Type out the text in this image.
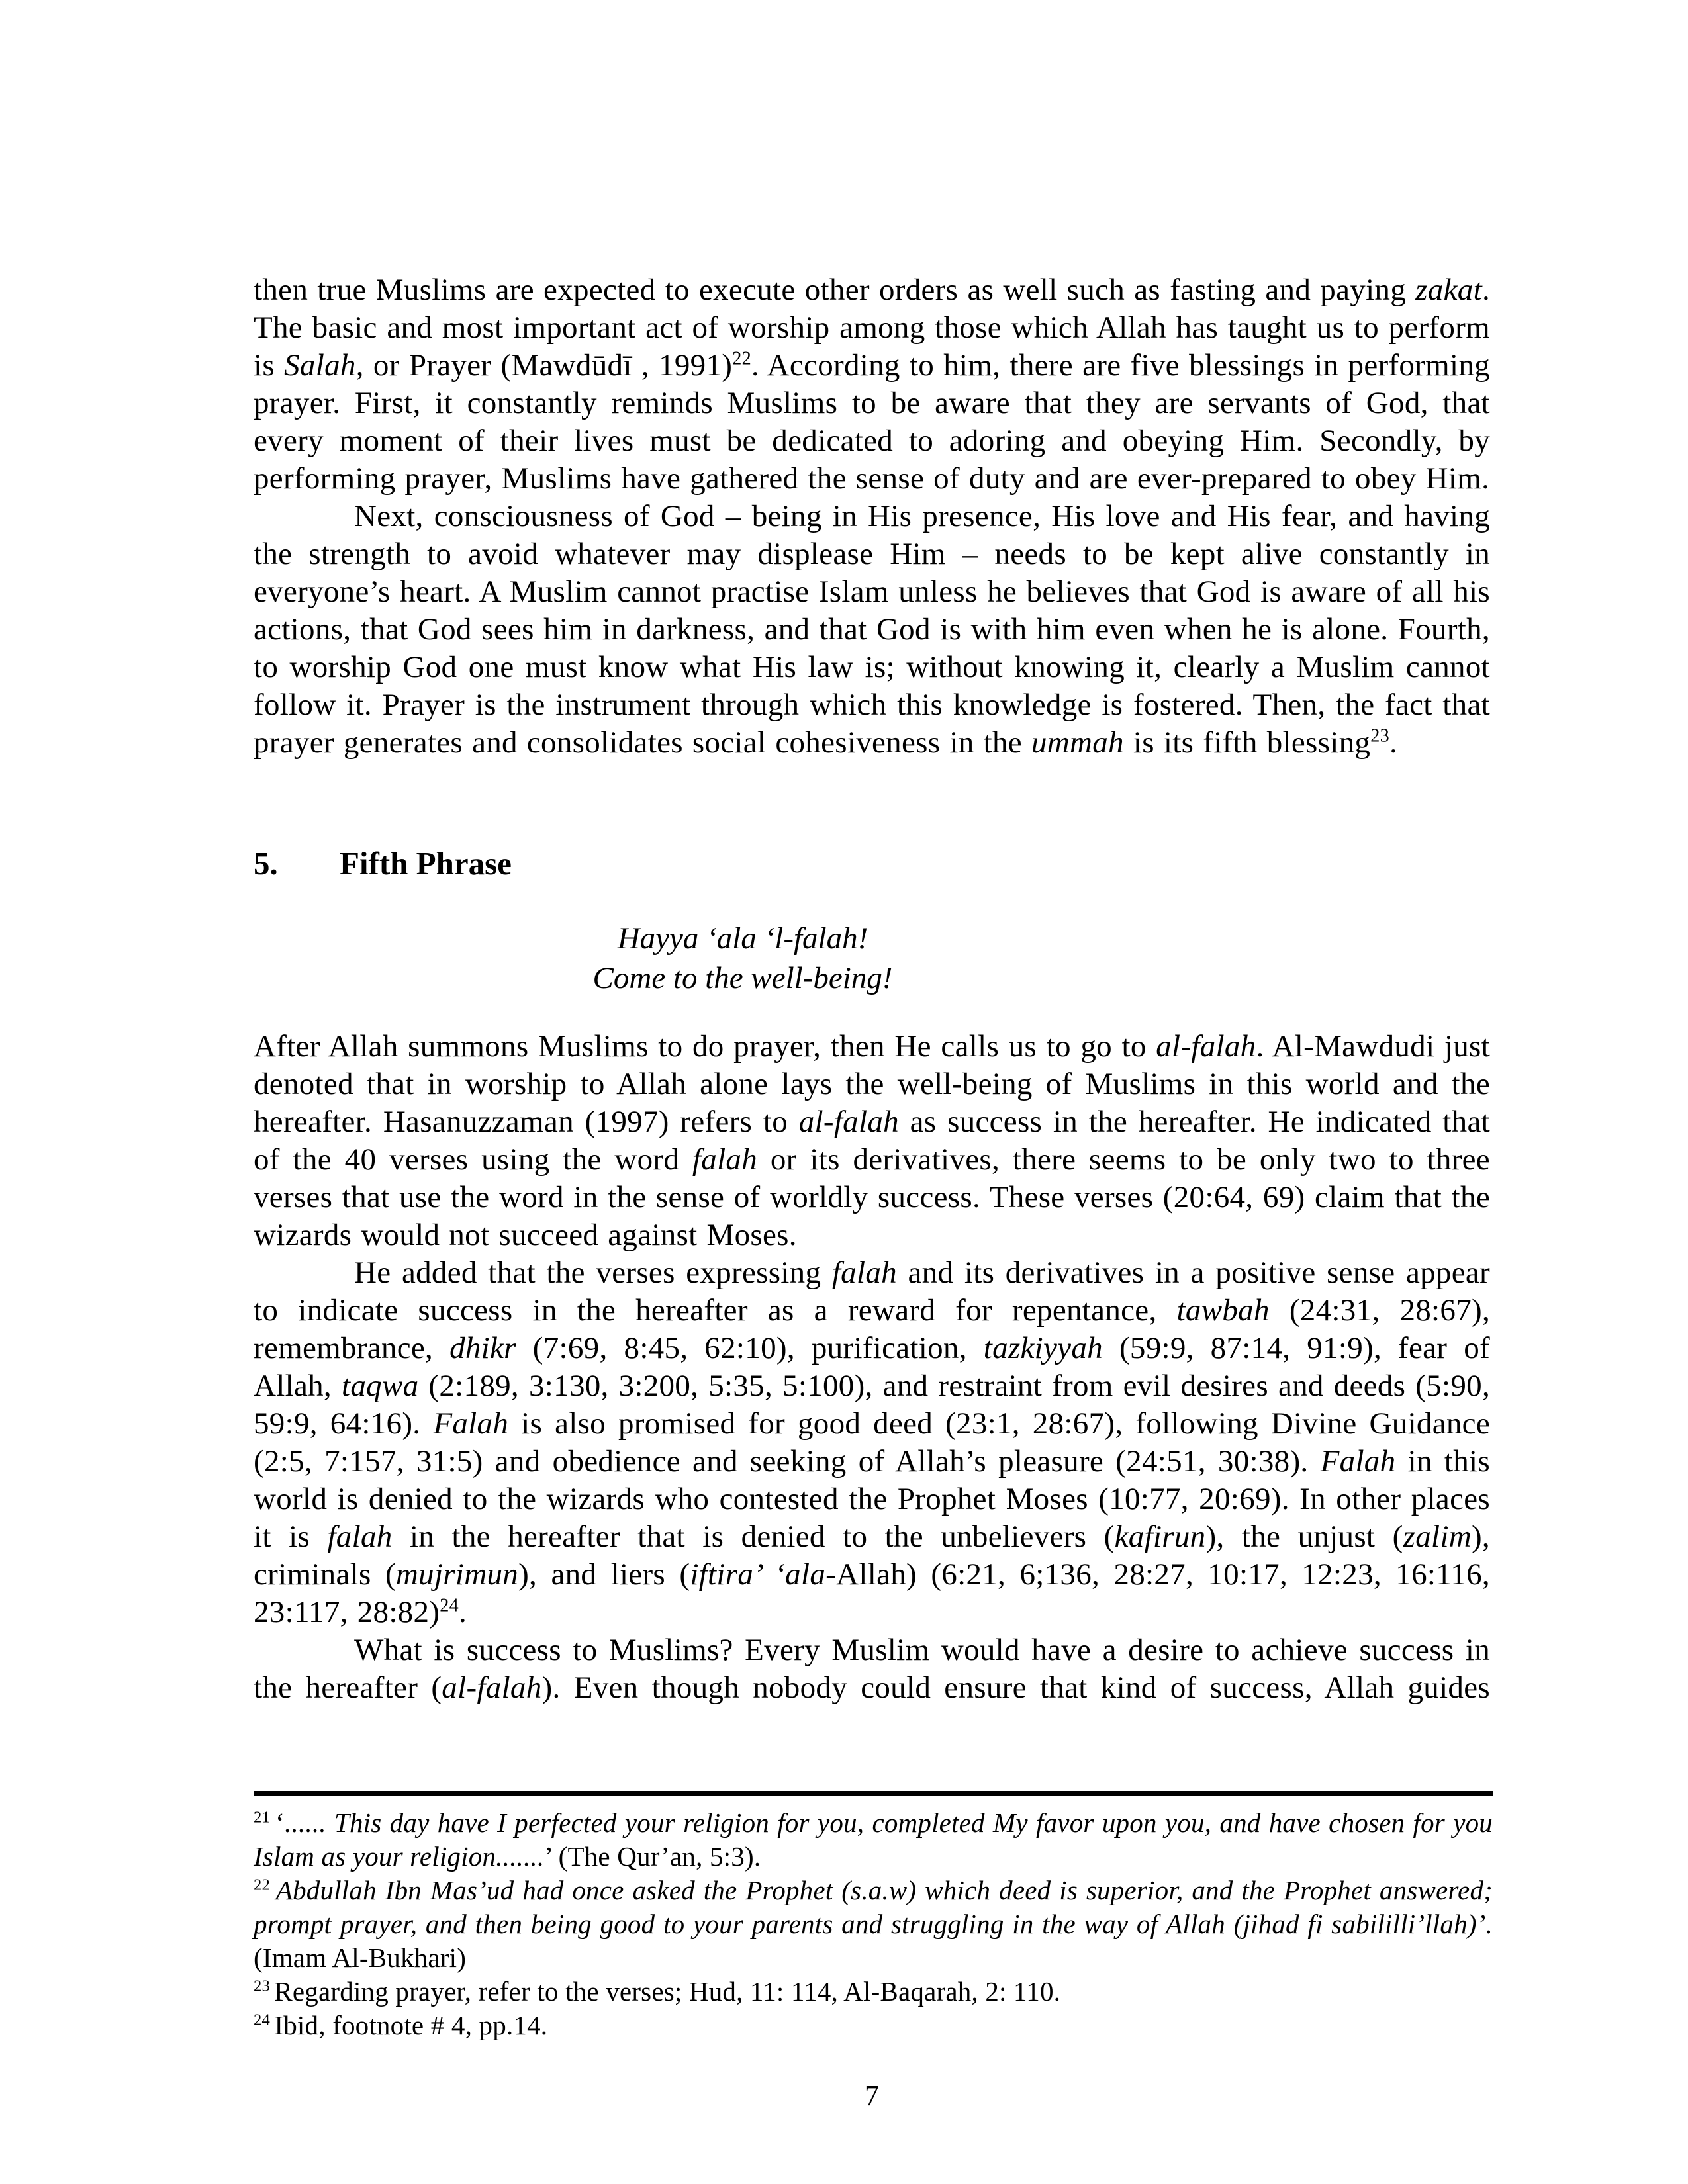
then true Muslims are expected to execute other orders as well such as fasting and paying zakat. The basic and most important act of worship among those which Allah has taught us to perform is Salah, or Prayer (Mawdūdī , 1991)$^{22}$. According to him, there are five blessings in performing prayer. First, it constantly reminds Muslims to be aware that they are servants of God, that every moment of their lives must be dedicated to adoring and obeying Him. Secondly, by performing prayer, Muslims have gathered the sense of duty and are ever-prepared to obey Him.

Next, consciousness of God – being in His presence, His love and His fear, and having the strength to avoid whatever may displease Him – needs to be kept alive constantly in everyone’s heart. A Muslim cannot practise Islam unless he believes that God is aware of all his actions, that God sees him in darkness, and that God is with him even when he is alone. Fourth, to worship God one must know what His law is; without knowing it, clearly a Muslim cannot follow it. Prayer is the instrument through which this knowledge is fostered. Then, the fact that prayer generates and consolidates social cohesiveness in the ummah is its fifth blessing$^{23}$.

5. Fifth Phrase
Hayya ‘ala ‘l-falah!
Come to the well-being!

After Allah summons Muslims to do prayer, then He calls us to go to al-falah. Al-Mawdudi just denoted that in worship to Allah alone lays the well-being of Muslims in this world and the hereafter. Hasanuzzaman (1997) refers to al-falah as success in the hereafter. He indicated that of the 40 verses using the word falah or its derivatives, there seems to be only two to three verses that use the word in the sense of worldly success. These verses (20:64, 69) claim that the wizards would not succeed against Moses.

He added that the verses expressing falah and its derivatives in a positive sense appear to indicate success in the hereafter as a reward for repentance, tawbah (24:31, 28:67), remembrance, dhikr (7:69, 8:45, 62:10), purification, tazkiyyah (59:9, 87:14, 91:9), fear of Allah, taqwa (2:189, 3:130, 3:200, 5:35, 5:100), and restraint from evil desires and deeds (5:90, 59:9, 64:16). Falah is also promised for good deed (23:1, 28:67), following Divine Guidance (2:5, 7:157, 31:5) and obedience and seeking of Allah’s pleasure (24:51, 30:38). Falah in this world is denied to the wizards who contested the Prophet Moses (10:77, 20:69). In other places it is falah in the hereafter that is denied to the unbelievers (kafirun), the unjust (zalim), criminals (mujrimun), and liers (iftira’ ‘ala-Allah) (6:21, 6;136, 28:27, 10:17, 12:23, 16:116, 23:117, 28:82)$^{24}$.

What is success to Muslims? Every Muslim would have a desire to achieve success in the hereafter (al-falah). Even though nobody could ensure that kind of success, Allah guides

$^{21}$ ‘...... This day have I perfected your religion for you, completed My favor upon you, and have chosen for you Islam as your religion.......’ (The Qur’an, 5:3).

$^{22}$ Abdullah Ibn Mas’ud had once asked the Prophet (s.a.w) which deed is superior, and the Prophet answered; prompt prayer, and then being good to your parents and struggling in the way of Allah (jihad fi sabililli’llah)’. (Imam Al-Bukhari)

$^{23}$ Regarding prayer, refer to the verses; Hud, 11: 114, Al-Baqarah, 2: 110.

$^{24}$ Ibid, footnote # 4, pp.14.

7
